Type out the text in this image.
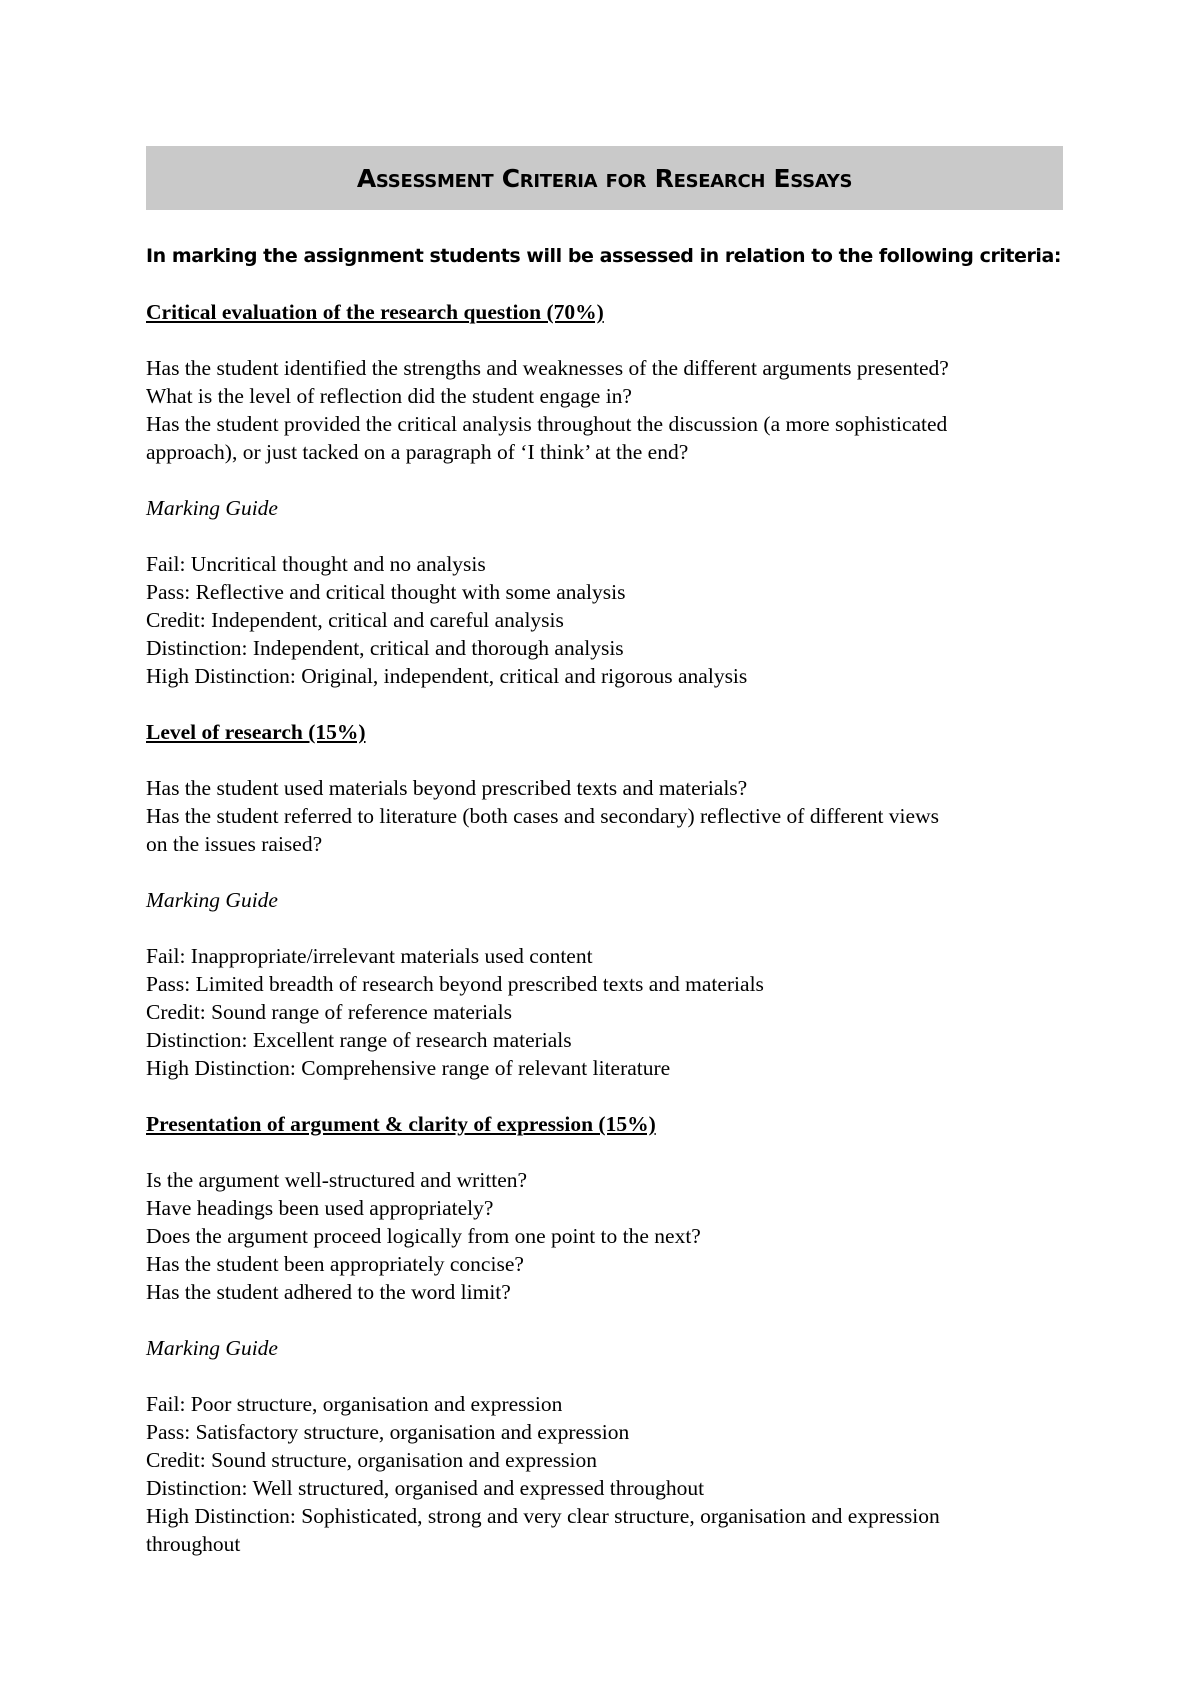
Assessment Criteria for Research Essays
In marking the assignment students will be assessed in relation to the following criteria:
Critical evaluation of the research question (70%)
Has the student identified the strengths and weaknesses of the different arguments presented?
What is the level of reflection did the student engage in?
Has the student provided the critical analysis throughout the discussion (a more sophisticated
approach), or just tacked on a paragraph of ‘I think’ at the end?
Marking Guide
Fail: Uncritical thought and no analysis
Pass: Reflective and critical thought with some analysis
Credit: Independent, critical and careful analysis
Distinction: Independent, critical and thorough analysis
High Distinction: Original, independent, critical and rigorous analysis
Level of research (15%)
Has the student used materials beyond prescribed texts and materials?
Has the student referred to literature (both cases and secondary) reflective of different views
on the issues raised?
Marking Guide
Fail: Inappropriate/irrelevant materials used content
Pass: Limited breadth of research beyond prescribed texts and materials
Credit: Sound range of reference materials
Distinction: Excellent range of research materials
High Distinction: Comprehensive range of relevant literature
Presentation of argument & clarity of expression (15%)
Is the argument well-structured and written?
Have headings been used appropriately?
Does the argument proceed logically from one point to the next?
Has the student been appropriately concise?
Has the student adhered to the word limit?
Marking Guide
Fail: Poor structure, organisation and expression
Pass: Satisfactory structure, organisation and expression
Credit: Sound structure, organisation and expression
Distinction: Well structured, organised and expressed throughout
High Distinction: Sophisticated, strong and very clear structure, organisation and expression
throughout
